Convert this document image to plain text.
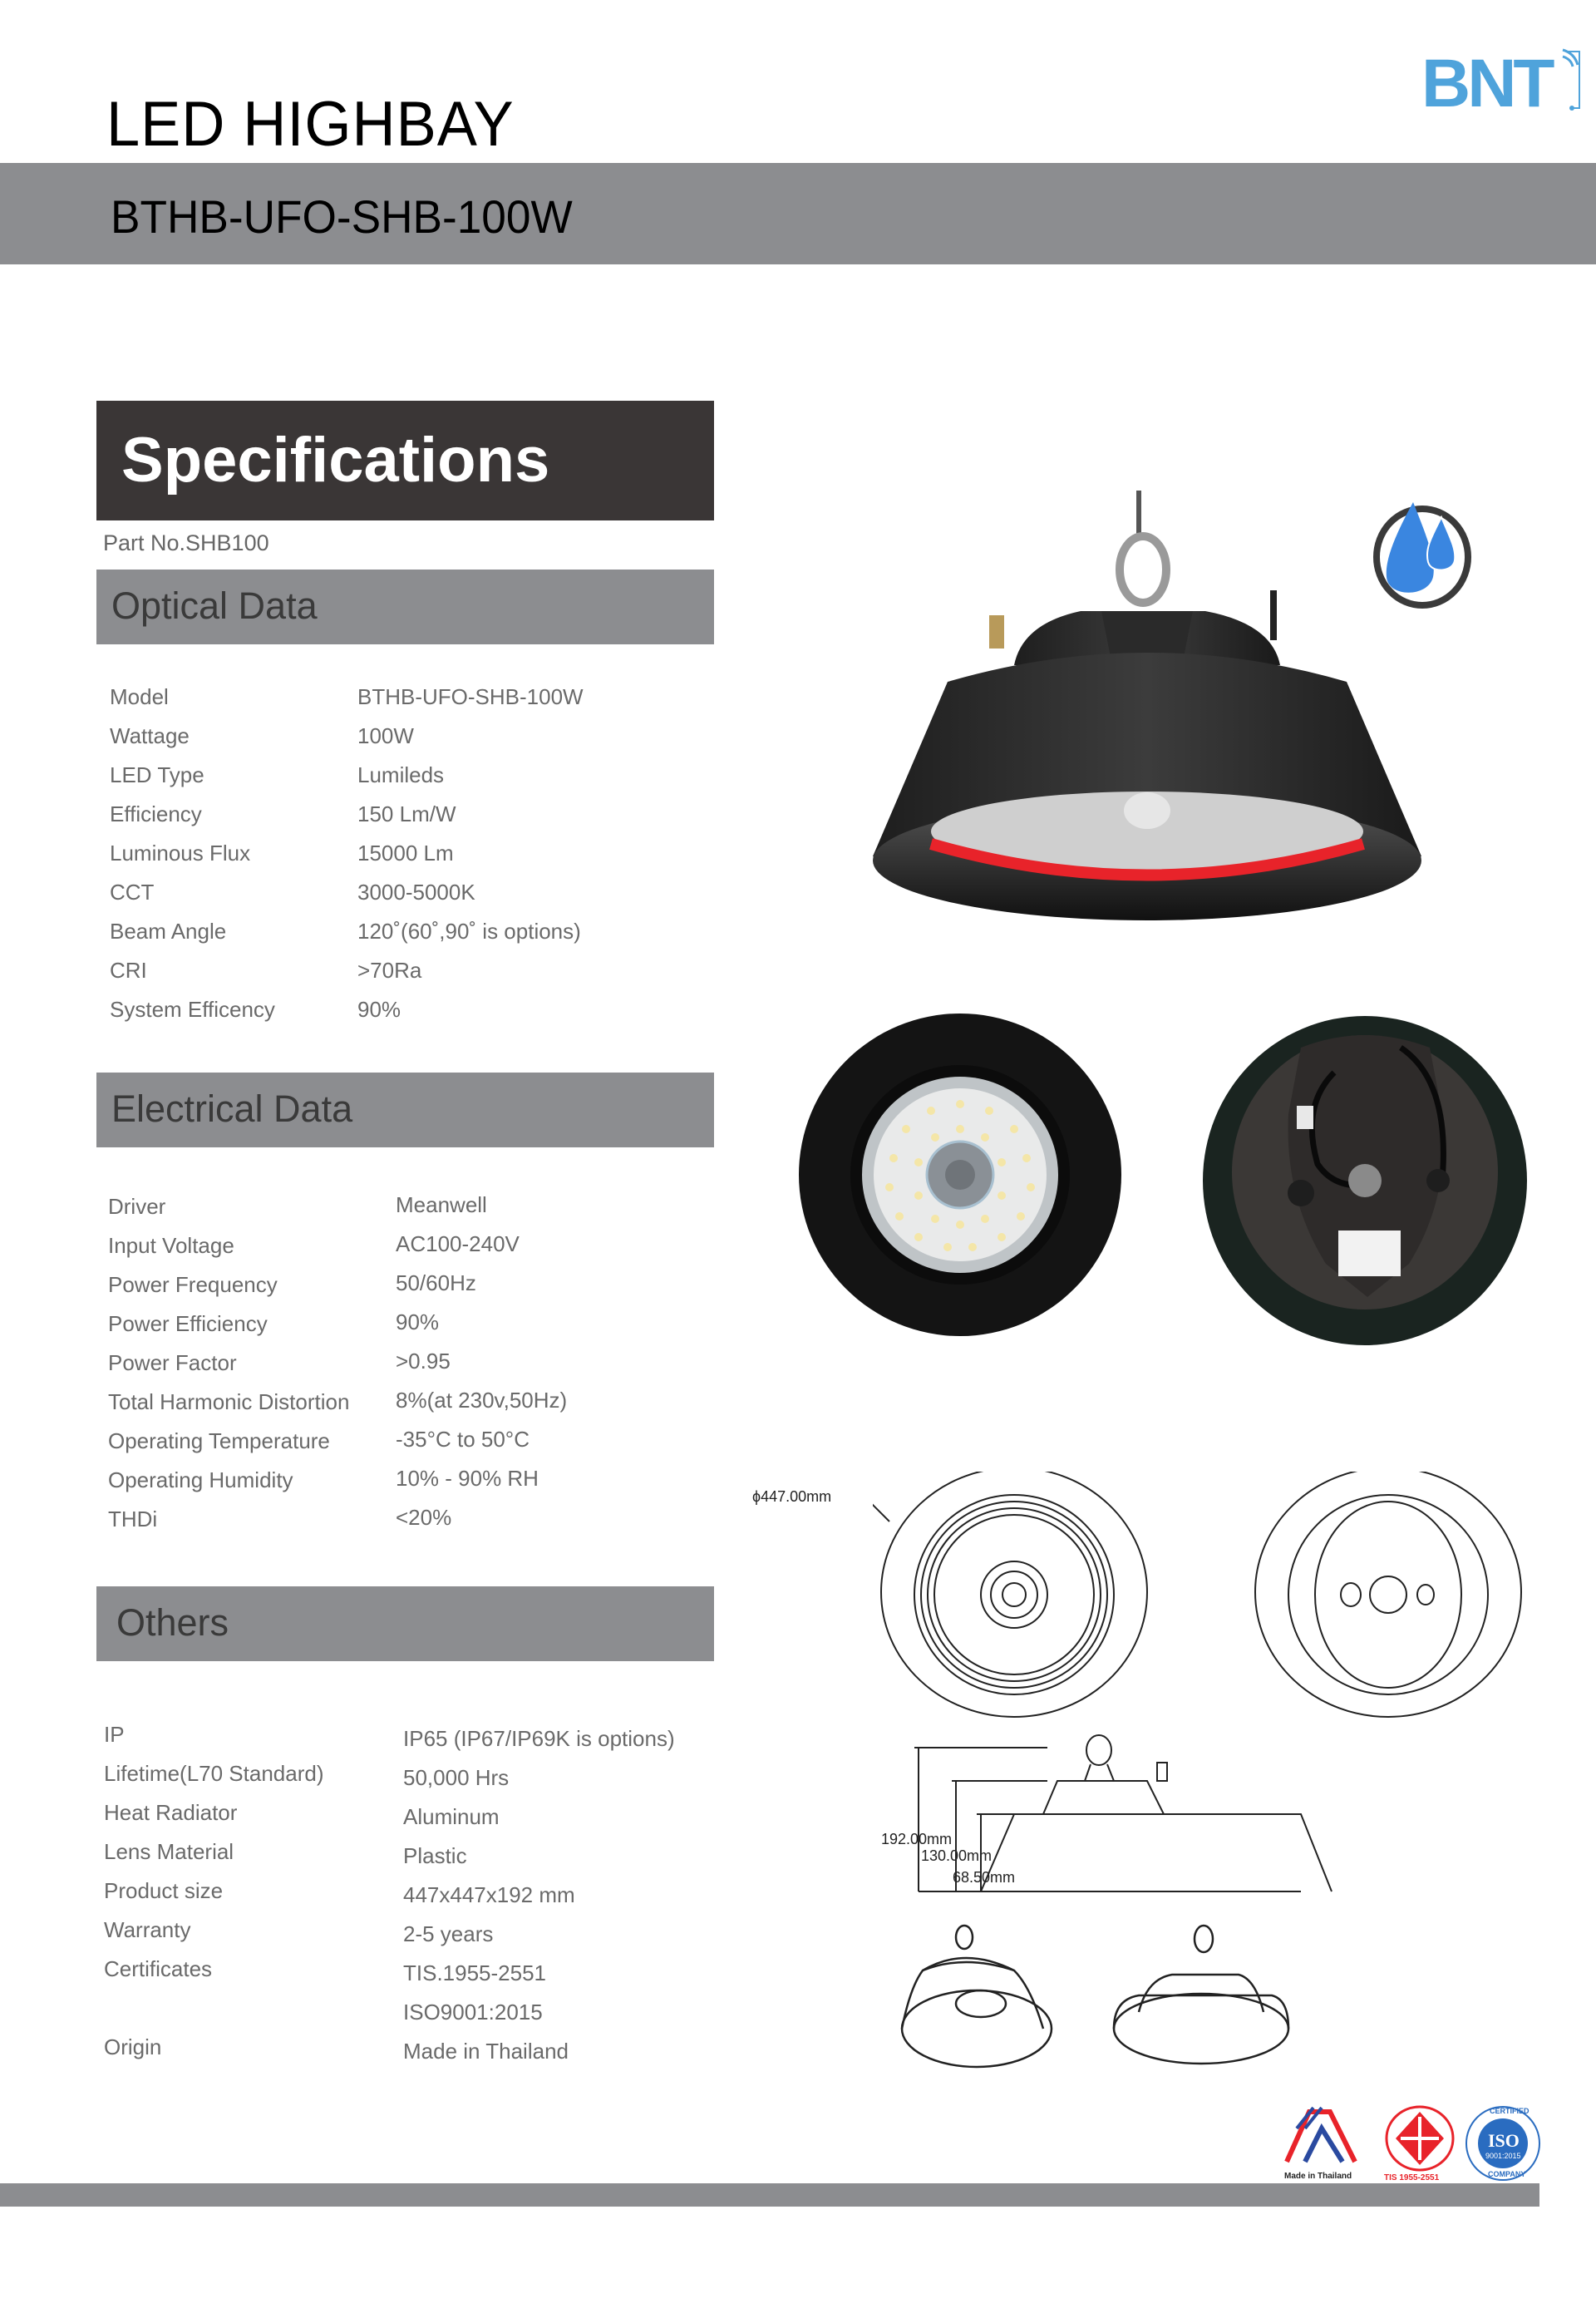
LED HIGHBAY
BNT
BTHB-UFO-SHB-100W
Specifications
Part No.SHB100
Optical Data
Model	BTHB-UFO-SHB-100W
Wattage	100W
LED Type	Lumileds
Efficiency	150 Lm/W
Luminous Flux	15000 Lm
CCT	3000-5000K
Beam Angle	120˚(60˚,90˚ is options)
CRI	>70Ra
System Efficency	90%
Electrical Data
Driver	Meanwell
Input Voltage	AC100-240V
Power Frequency	50/60Hz
Power Efficiency	90%
Power Factor	>0.95
Total Harmonic Distortion 8%(at 230v,50Hz)
Operating Temperature	-35°C to 50°C
Operating Humidity	10% - 90% RH
THDi	<20%
Others
IP	IP65 (IP67/IP69K is options)
Lifetime(L70 Standard)	50,000 Hrs
Heat Radiator	Aluminum
Lens Material	Plastic
Product size	447x447x192 mm
Warranty	2-5 years
Certificates	TIS.1955-2551
ISO9001:2015
Origin	Made in Thailand
ϕ447.00mm
192.00mm
130.00mm
68.50mm
Made in Thailand	TIS 1955-2551
CERTIFIED
ISO
9001:2015
COMPANY
